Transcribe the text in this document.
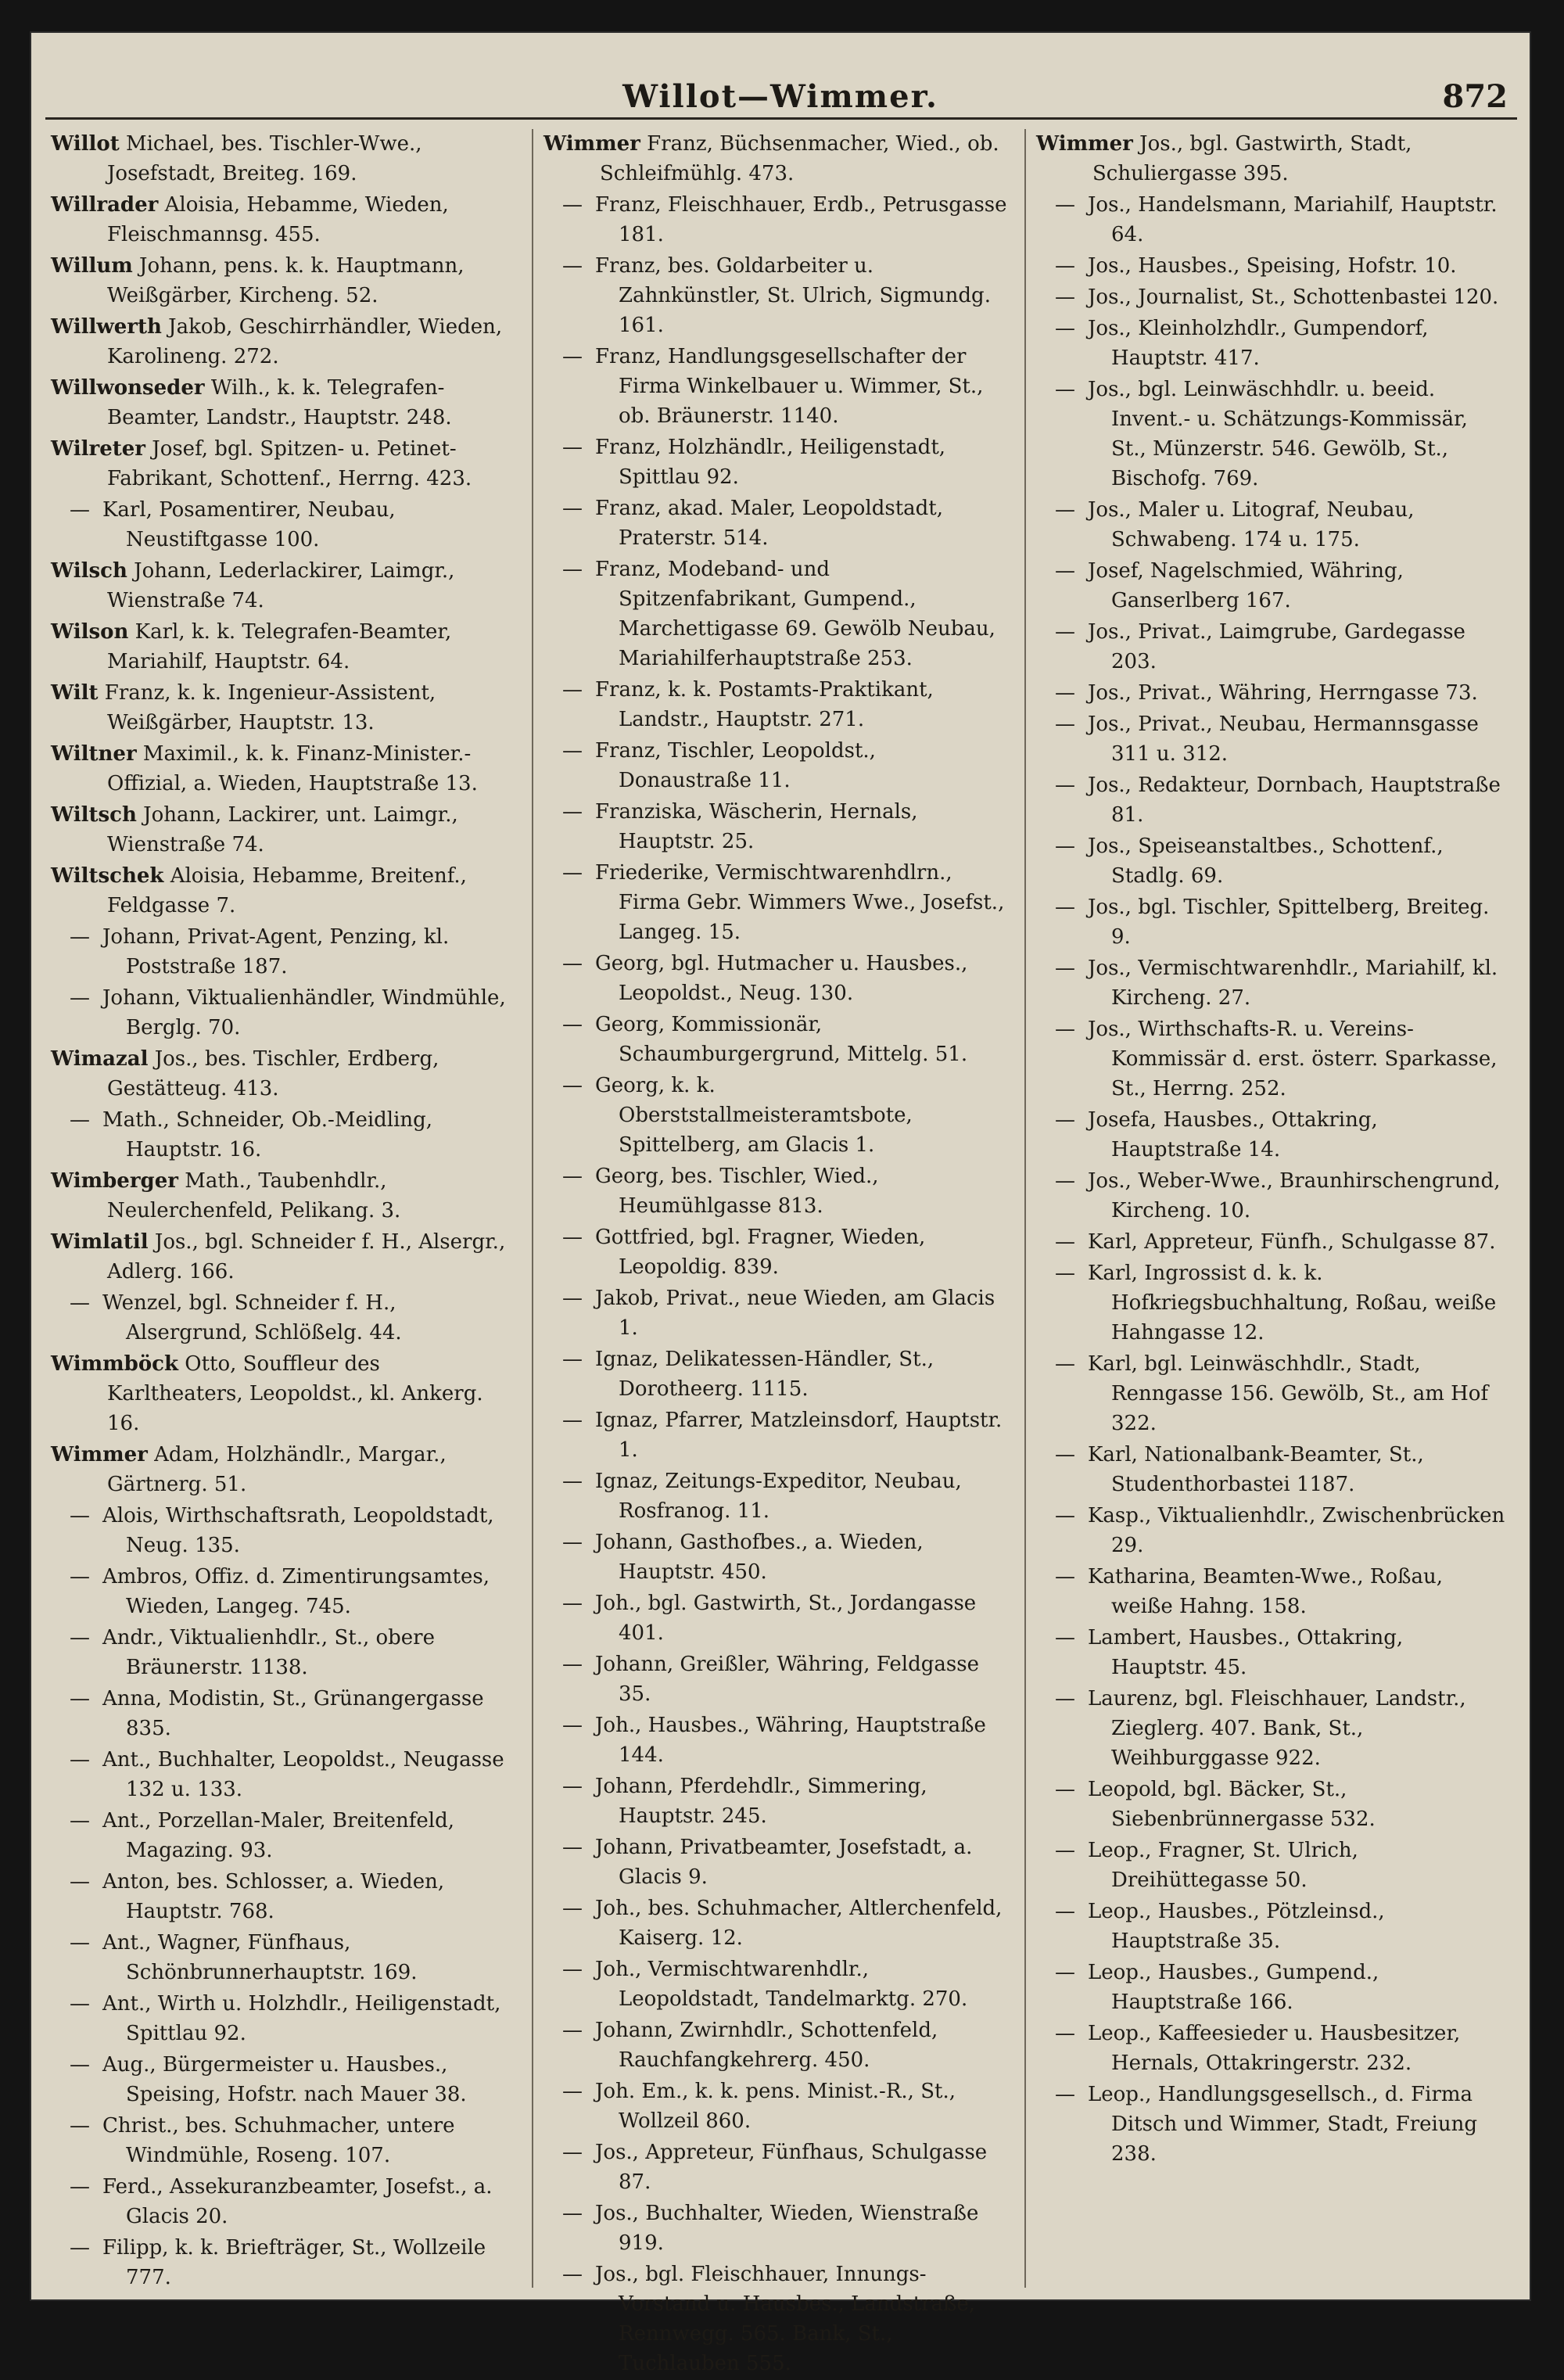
Willot—Wimmer.	872
Willot Michael, bes. Tischler-Wwe., Josefstadt, Breiteg. 169.
Willrader Aloisia, Hebamme, Wieden, Fleischmannsg. 455.
Willum Johann, pens. k. k. Hauptmann, Weißgärber, Kircheng. 52.
Willwerth Jakob, Geschirrhändler, Wieden, Karolineng. 272.
Willwonseder Wilh., k. k. Telegrafen-Beamter, Landstr., Hauptstr. 248.
Wilreter Josef, bgl. Spitzen- u. Petinet-Fabrikant, Schottenf., Herrng. 423.
— Karl, Posamentirer, Neubau, Neustiftgasse 100.
Wilsch Johann, Lederlackirer, Laimgr., Wienstraße 74.
Wilson Karl, k. k. Telegrafen-Beamter, Mariahilf, Hauptstr. 64.
Wilt Franz, k. k. Ingenieur-Assistent, Weißgärber, Hauptstr. 13.
Wiltner Maximil., k. k. Finanz-Minister.-Offizial, a. Wieden, Hauptstraße 13.
Wiltsch Johann, Lackirer, unt. Laimgr., Wienstraße 74.
Wiltschek Aloisia, Hebamme, Breitenf., Feldgasse 7.
— Johann, Privat-Agent, Penzing, kl. Poststraße 187.
— Johann, Viktualienhändler, Windmühle, Berglg. 70.
Wimazal Jos., bes. Tischler, Erdberg, Gestätteug. 413.
— Math., Schneider, Ob.-Meidling, Hauptstr. 16.
Wimberger Math., Taubenhdlr., Neulerchenfeld, Pelikang. 3.
Wimlatil Jos., bgl. Schneider f. H., Alsergr., Adlerg. 166.
— Wenzel, bgl. Schneider f. H., Alsergrund, Schlößelg. 44.
Wimmböck Otto, Souffleur des Karltheaters, Leopoldst., kl. Ankerg. 16.
Wimmer Adam, Holzhändlr., Margar., Gärtnerg. 51.
— Alois, Wirthschaftsrath, Leopoldstadt, Neug. 135.
— Ambros, Offiz. d. Zimentirungsamtes, Wieden, Langeg. 745.
— Andr., Viktualienhdlr., St., obere Bräunerstr. 1138.
— Anna, Modistin, St., Grünangergasse 835.
— Ant., Buchhalter, Leopoldst., Neugasse 132 u. 133.
— Ant., Porzellan-Maler, Breitenfeld, Magazing. 93.
— Anton, bes. Schlosser, a. Wieden, Hauptstr. 768.
— Ant., Wagner, Fünfhaus, Schönbrunnerhauptstr. 169.
— Ant., Wirth u. Holzhdlr., Heiligenstadt, Spittlau 92.
— Aug., Bürgermeister u. Hausbes., Speising, Hofstr. nach Mauer 38.
— Christ., bes. Schuhmacher, untere Windmühle, Roseng. 107.
— Ferd., Assekuranzbeamter, Josefst., a. Glacis 20.
— Filipp, k. k. Briefträger, St., Wollzeile 777.
Wimmer Franz, Büchsenmacher, Wied., ob. Schleifmühlg. 473.
— Franz, Fleischhauer, Erdb., Petrusgasse 181.
— Franz, bes. Goldarbeiter u. Zahnkünstler, St. Ulrich, Sigmundg. 161.
— Franz, Handlungsgesellschafter der Firma Winkelbauer u. Wimmer, St., ob. Bräunerstr. 1140.
— Franz, Holzhändlr., Heiligenstadt, Spittlau 92.
— Franz, akad. Maler, Leopoldstadt, Praterstr. 514.
— Franz, Modeband- und Spitzenfabrikant, Gumpend., Marchettigasse 69. Gewölb Neubau, Mariahilferhauptstraße 253.
— Franz, k. k. Postamts-Praktikant, Landstr., Hauptstr. 271.
— Franz, Tischler, Leopoldst., Donaustraße 11.
— Franziska, Wäscherin, Hernals, Hauptstr. 25.
— Friederike, Vermischtwarenhdlrn., Firma Gebr. Wimmers Wwe., Josefst., Langeg. 15.
— Georg, bgl. Hutmacher u. Hausbes., Leopoldst., Neug. 130.
— Georg, Kommissionär, Schaumburgergrund, Mittelg. 51.
— Georg, k. k. Oberststallmeisteramtsbote, Spittelberg, am Glacis 1.
— Georg, bes. Tischler, Wied., Heumühlgasse 813.
— Gottfried, bgl. Fragner, Wieden, Leopoldig. 839.
— Jakob, Privat., neue Wieden, am Glacis 1.
— Ignaz, Delikatessen-Händler, St., Dorotheerg. 1115.
— Ignaz, Pfarrer, Matzleinsdorf, Hauptstr. 1.
— Ignaz, Zeitungs-Expeditor, Neubau, Rosfranog. 11.
— Johann, Gasthofbes., a. Wieden, Hauptstr. 450.
— Joh., bgl. Gastwirth, St., Jordangasse 401.
— Johann, Greißler, Währing, Feldgasse 35.
— Joh., Hausbes., Währing, Hauptstraße 144.
— Johann, Pferdehdlr., Simmering, Hauptstr. 245.
— Johann, Privatbeamter, Josefstadt, a. Glacis 9.
— Joh., bes. Schuhmacher, Altlerchenfeld, Kaiserg. 12.
— Joh., Vermischtwarenhdlr., Leopoldstadt, Tandelmarktg. 270.
— Johann, Zwirnhdlr., Schottenfeld, Rauchfangkehrerg. 450.
— Joh. Em., k. k. pens. Minist.-R., St., Wollzeil 860.
— Jos., Appreteur, Fünfhaus, Schulgasse 87.
— Jos., Buchhalter, Wieden, Wienstraße 919.
— Jos., bgl. Fleischhauer, Innungs-Vorstand u. Hausbes., Landstraße, Rennwegg. 565. Bank, St., Tuchlauben 555.
Wimmer Jos., bgl. Gastwirth, Stadt, Schuliergasse 395.
— Jos., Handelsmann, Mariahilf, Hauptstr. 64.
— Jos., Hausbes., Speising, Hofstr. 10.
— Jos., Journalist, St., Schottenbastei 120.
— Jos., Kleinholzhdlr., Gumpendorf, Hauptstr. 417.
— Jos., bgl. Leinwäschhdlr. u. beeid. Invent.- u. Schätzungs-Kommissär, St., Münzerstr. 546. Gewölb, St., Bischofg. 769.
— Jos., Maler u. Litograf, Neubau, Schwabeng. 174 u. 175.
— Josef, Nagelschmied, Währing, Ganserlberg 167.
— Jos., Privat., Laimgrube, Gardegasse 203.
— Jos., Privat., Währing, Herrngasse 73.
— Jos., Privat., Neubau, Hermannsgasse 311 u. 312.
— Jos., Redakteur, Dornbach, Hauptstraße 81.
— Jos., Speiseanstaltbes., Schottenf., Stadlg. 69.
— Jos., bgl. Tischler, Spittelberg, Breiteg. 9.
— Jos., Vermischtwarenhdlr., Mariahilf, kl. Kircheng. 27.
— Jos., Wirthschafts-R. u. Vereins-Kommissär d. erst. österr. Sparkasse, St., Herrng. 252.
— Josefa, Hausbes., Ottakring, Hauptstraße 14.
— Jos., Weber-Wwe., Braunhirschengrund, Kircheng. 10.
— Karl, Appreteur, Fünfh., Schulgasse 87.
— Karl, Ingrossist d. k. k. Hofkriegsbuchhaltung, Roßau, weiße Hahngasse 12.
— Karl, bgl. Leinwäschhdlr., Stadt, Renngasse 156. Gewölb, St., am Hof 322.
— Karl, Nationalbank-Beamter, St., Studenthorbastei 1187.
— Kasp., Viktualienhdlr., Zwischenbrücken 29.
— Katharina, Beamten-Wwe., Roßau, weiße Hahng. 158.
— Lambert, Hausbes., Ottakring, Hauptstr. 45.
— Laurenz, bgl. Fleischhauer, Landstr., Zieglerg. 407. Bank, St., Weihburggasse 922.
— Leopold, bgl. Bäcker, St., Siebenbrünnergasse 532.
— Leop., Fragner, St. Ulrich, Dreihüttegasse 50.
— Leop., Hausbes., Pötzleinsd., Hauptstraße 35.
— Leop., Hausbes., Gumpend., Hauptstraße 166.
— Leop., Kaffeesieder u. Hausbesitzer, Hernals, Ottakringerstr. 232.
— Leop., Handlungsgesellsch., d. Firma Ditsch und Wimmer, Stadt, Freiung 238.
